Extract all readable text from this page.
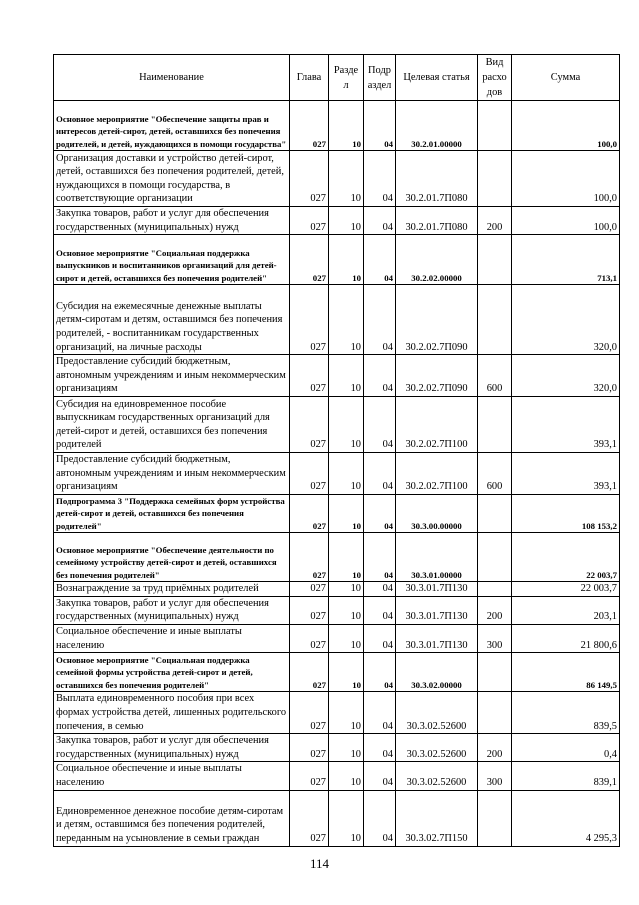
Наименование	Глава	Разде л	Подр аздел	Целевая статья	Вид расхо дов	Сумма
Основное мероприятие "Обеспечение защиты прав и интересов детей-сирот, детей, оставшихся без попечения родителей, и детей, нуждающихся в помощи государства"	027	10	04	30.2.01.00000		100,0
Организация доставки и устройство детей-сирот, детей, оставшихся без попечения родителей, детей, нуждающихся в помощи государства, в соответствующие организации	027	10	04	30.2.01.7П080		100,0
Закупка товаров, работ и услуг для обеспечения государственных (муниципальных) нужд	027	10	04	30.2.01.7П080	200	100,0
Основное мероприятие "Социальная поддержка выпускников и воспитанников организаций для детей-сирот и детей, оставшихся без попечения родителей"	027	10	04	30.2.02.00000		713,1
Субсидия на ежемесячные денежные выплаты детям-сиротам и детям, оставшимся без попечения родителей, - воспитанникам государственных организаций, на личные расходы	027	10	04	30.2.02.7П090		320,0
Предоставление субсидий бюджетным, автономным учреждениям и иным некоммерческим организациям	027	10	04	30.2.02.7П090	600	320,0
Субсидия на единовременное пособие выпускникам государственных организаций для детей-сирот и детей, оставшихся без попечения родителей	027	10	04	30.2.02.7П100		393,1
Предоставление субсидий бюджетным, автономным учреждениям и иным некоммерческим организациям	027	10	04	30.2.02.7П100	600	393,1
Подпрограмма 3 "Поддержка семейных форм устройства детей-сирот и детей, оставшихся без попечения родителей"	027	10	04	30.3.00.00000		108 153,2
Основное мероприятие "Обеспечение деятельности по семейному устройству детей-сирот и детей, оставшихся без попечения родителей"	027	10	04	30.3.01.00000		22 003,7
Вознаграждение за труд приёмных родителей	027	10	04	30.3.01.7П130		22 003,7
Закупка товаров, работ и услуг для обеспечения государственных (муниципальных) нужд	027	10	04	30.3.01.7П130	200	203,1
Социальное обеспечение и иные выплаты населению	027	10	04	30.3.01.7П130	300	21 800,6
Основное мероприятие "Социальная поддержка семейной формы устройства детей-сирот и детей, оставшихся без попечения родителей"	027	10	04	30.3.02.00000		86 149,5
Выплата единовременного пособия при всех формах устройства детей, лишенных родительского попечения, в семью	027	10	04	30.3.02.52600		839,5
Закупка товаров, работ и услуг для обеспечения государственных (муниципальных) нужд	027	10	04	30.3.02.52600	200	0,4
Социальное обеспечение и иные выплаты населению	027	10	04	30.3.02.52600	300	839,1
Единовременное денежное пособие детям-сиротам и детям, оставшимся без попечения родителей, переданным на усыновление в семьи граждан	027	10	04	30.3.02.7П150		4 295,3
114
